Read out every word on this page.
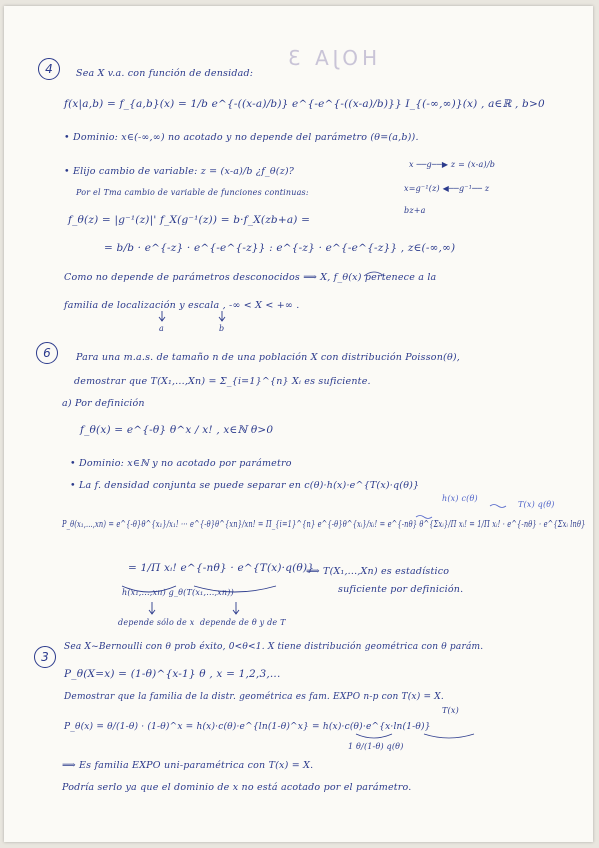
HOJA 3
4	Sea X v.a. con función de densidad:
f(x|a,b) = f_{a,b}(x) = 1/b e^{-((x-a)/b)} e^{-e^{-((x-a)/b)}} I_{(-∞,∞)}(x) , a∈ℝ , b>0
• Dominio: x∈(-∞,∞) no acotado y no depende del parámetro (θ=(a,b)).
• Elijo cambio de variable: z = (x-a)/b ¿f_θ(z)?
x ──g──▶ z = (x-a)/b
x=g⁻¹(z) ◀──g⁻¹── z
bz+a
Por el Tma cambio de variable de funciones continuas:
f_θ(z) = |g⁻¹(z)|' f_X(g⁻¹(z)) = b·f_X(zb+a) =
= b/b · e^{-z} · e^{-e^{-z}} : e^{-z} · e^{-e^{-z}} , z∈(-∞,∞)
Como no depende de parámetros desconocidos ⟹ X, f_θ(x) pertenece a la
familia de localización y escala , -∞ < X < +∞ .
a	b
6	Para una m.a.s. de tamaño n de una población X con distribución Poisson(θ),
demostrar que T(X₁,...,Xn) = Σ_{i=1}^{n} Xᵢ es suficiente.
a) Por definición
f_θ(x) = e^{-θ} θ^x / x! , x∈ℕ θ>0
• Dominio: x∈ℕ y no acotado por parámetro
• La f. densidad conjunta se puede separar en c(θ)·h(x)·e^{T(x)·q(θ)}
h(x) c(θ)
T(x) q(θ)
P_θ(x₁,...,xn) = e^{-θ}θ^{x₁}/x₁! ··· e^{-θ}θ^{xn}/xn! = Π_{i=1}^{n} e^{-θ}θ^{xᵢ}/xᵢ! = e^{-nθ} θ^{Σxᵢ}/Π xᵢ! = 1/Π xᵢ! · e^{-nθ} · e^{Σxᵢ lnθ}
= 1/Π xᵢ! e^{-nθ} · e^{T(x)·q(θ)}
⟹ T(X₁,...,Xn) es estadístico
h(x₁,...,xn) g_θ(T(x₁,...,xn))	suficiente por definición.
depende sólo de x depende de θ y de T
3
Sea X~Bernoulli con θ prob éxito, 0<θ<1. X tiene distribución geométrica con θ parám.
P_θ(X=x) = (1-θ)^{x-1} θ , x = 1,2,3,...
Demostrar que la familia de la distr. geométrica es fam. EXPO n-p con T(x) = X.
T(x)
P_θ(x) = θ/(1-θ) · (1-θ)^x = h(x)·c(θ)·e^{ln(1-θ)^x} = h(x)·c(θ)·e^{x·ln(1-θ)}
1 θ/(1-θ) q(θ)
⟹ Es familia EXPO uni-paramétrica con T(x) = X.
Podría serlo ya que el dominio de x no está acotado por el parámetro.
